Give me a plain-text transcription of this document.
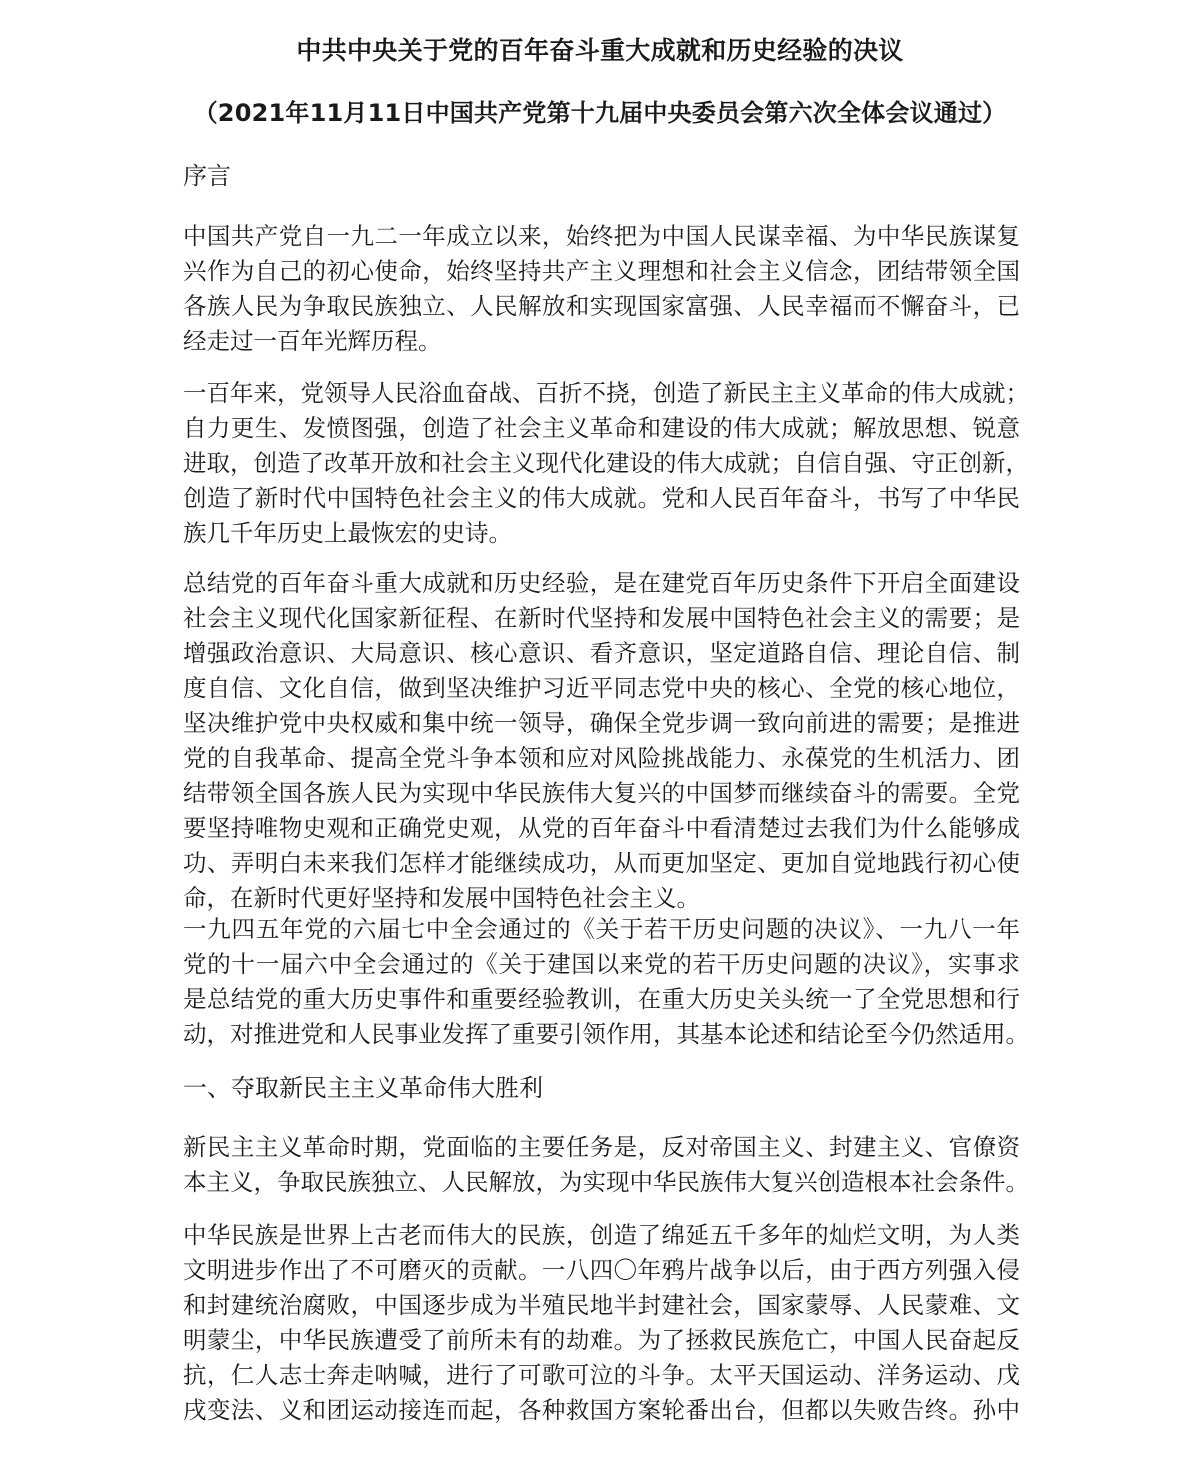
中共中央关于党的百年奋斗重大成就和历史经验的决议
（2021年11月11日中国共产党第十九届中央委员会第六次全体会议通过）
序言
中国共产党自一九二一年成立以来，始终把为中国人民谋幸福、为中华民族谋复
兴作为自己的初心使命，始终坚持共产主义理想和社会主义信念，团结带领全国
各族人民为争取民族独立、人民解放和实现国家富强、人民幸福而不懈奋斗，已
经走过一百年光辉历程。
一百年来，党领导人民浴血奋战、百折不挠，创造了新民主主义革命的伟大成就；
自力更生、发愤图强，创造了社会主义革命和建设的伟大成就；解放思想、锐意
进取，创造了改革开放和社会主义现代化建设的伟大成就；自信自强、守正创新，
创造了新时代中国特色社会主义的伟大成就。党和人民百年奋斗，书写了中华民
族几千年历史上最恢宏的史诗。
总结党的百年奋斗重大成就和历史经验，是在建党百年历史条件下开启全面建设
社会主义现代化国家新征程、在新时代坚持和发展中国特色社会主义的需要；是
增强政治意识、大局意识、核心意识、看齐意识，坚定道路自信、理论自信、制
度自信、文化自信，做到坚决维护习近平同志党中央的核心、全党的核心地位，
坚决维护党中央权威和集中统一领导，确保全党步调一致向前进的需要；是推进
党的自我革命、提高全党斗争本领和应对风险挑战能力、永葆党的生机活力、团
结带领全国各族人民为实现中华民族伟大复兴的中国梦而继续奋斗的需要。全党
要坚持唯物史观和正确党史观，从党的百年奋斗中看清楚过去我们为什么能够成
功、弄明白未来我们怎样才能继续成功，从而更加坚定、更加自觉地践行初心使
命，在新时代更好坚持和发展中国特色社会主义。
一九四五年党的六届七中全会通过的《关于若干历史问题的决议》、一九八一年
党的十一届六中全会通过的《关于建国以来党的若干历史问题的决议》，实事求
是总结党的重大历史事件和重要经验教训，在重大历史关头统一了全党思想和行
动，对推进党和人民事业发挥了重要引领作用，其基本论述和结论至今仍然适用。
一、夺取新民主主义革命伟大胜利
新民主主义革命时期，党面临的主要任务是，反对帝国主义、封建主义、官僚资
本主义，争取民族独立、人民解放，为实现中华民族伟大复兴创造根本社会条件。
中华民族是世界上古老而伟大的民族，创造了绵延五千多年的灿烂文明，为人类
文明进步作出了不可磨灭的贡献。一八四〇年鸦片战争以后，由于西方列强入侵
和封建统治腐败，中国逐步成为半殖民地半封建社会，国家蒙辱、人民蒙难、文
明蒙尘，中华民族遭受了前所未有的劫难。为了拯救民族危亡，中国人民奋起反
抗，仁人志士奔走呐喊，进行了可歌可泣的斗争。太平天国运动、洋务运动、戊
戌变法、义和团运动接连而起，各种救国方案轮番出台，但都以失败告终。孙中
